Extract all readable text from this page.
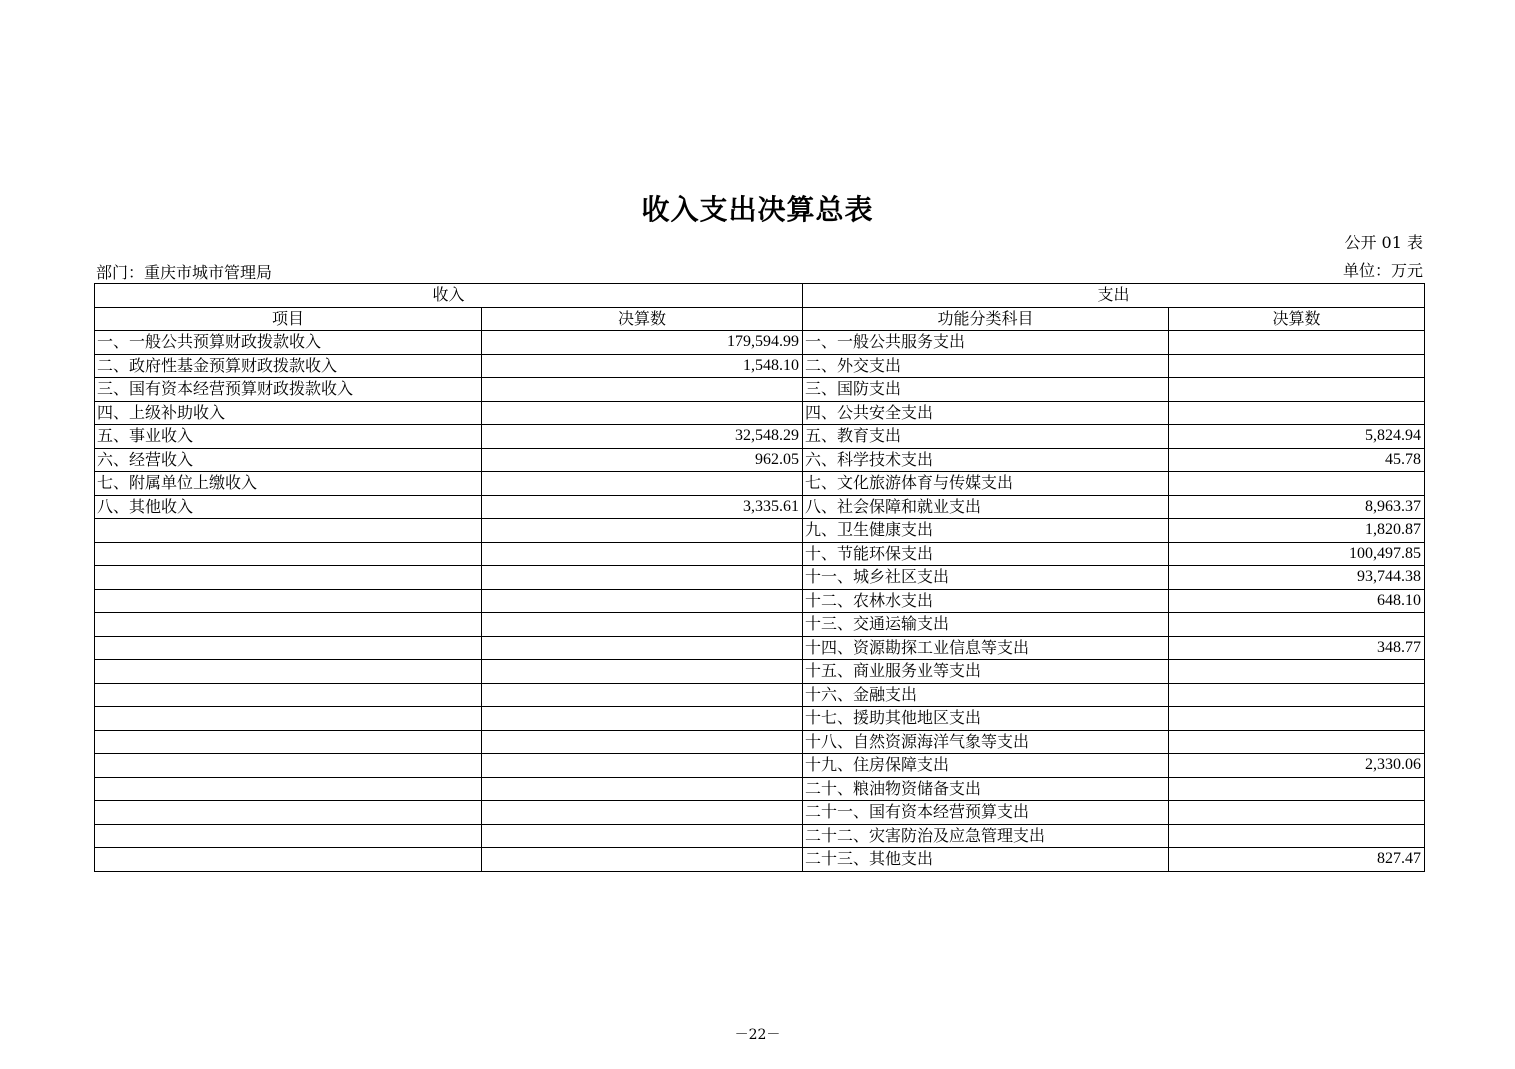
收入支出决算总表
公开 01 表
部门：重庆市城市管理局	单位：万元
收入		支出	
项目	决算数	功能分类科目	决算数
一、一般公共预算财政拨款收入	179,594.99	一、一般公共服务支出	
二、政府性基金预算财政拨款收入	1,548.10	二、外交支出	
三、国有资本经营预算财政拨款收入		三、国防支出	
四、上级补助收入		四、公共安全支出	
五、事业收入	32,548.29	五、教育支出	5,824.94
六、经营收入	962.05	六、科学技术支出	45.78
七、附属单位上缴收入		七、文化旅游体育与传媒支出	
八、其他收入	3,335.61	八、社会保障和就业支出	8,963.37
		九、卫生健康支出	1,820.87
		十、节能环保支出	100,497.85
		十一、城乡社区支出	93,744.38
		十二、农林水支出	648.10
		十三、交通运输支出	
		十四、资源勘探工业信息等支出	348.77
		十五、商业服务业等支出	
		十六、金融支出	
		十七、援助其他地区支出	
		十八、自然资源海洋气象等支出	
		十九、住房保障支出	2,330.06
		二十、粮油物资储备支出	
		二十一、国有资本经营预算支出	
		二十二、灾害防治及应急管理支出	
		二十三、其他支出	827.47
－22－
